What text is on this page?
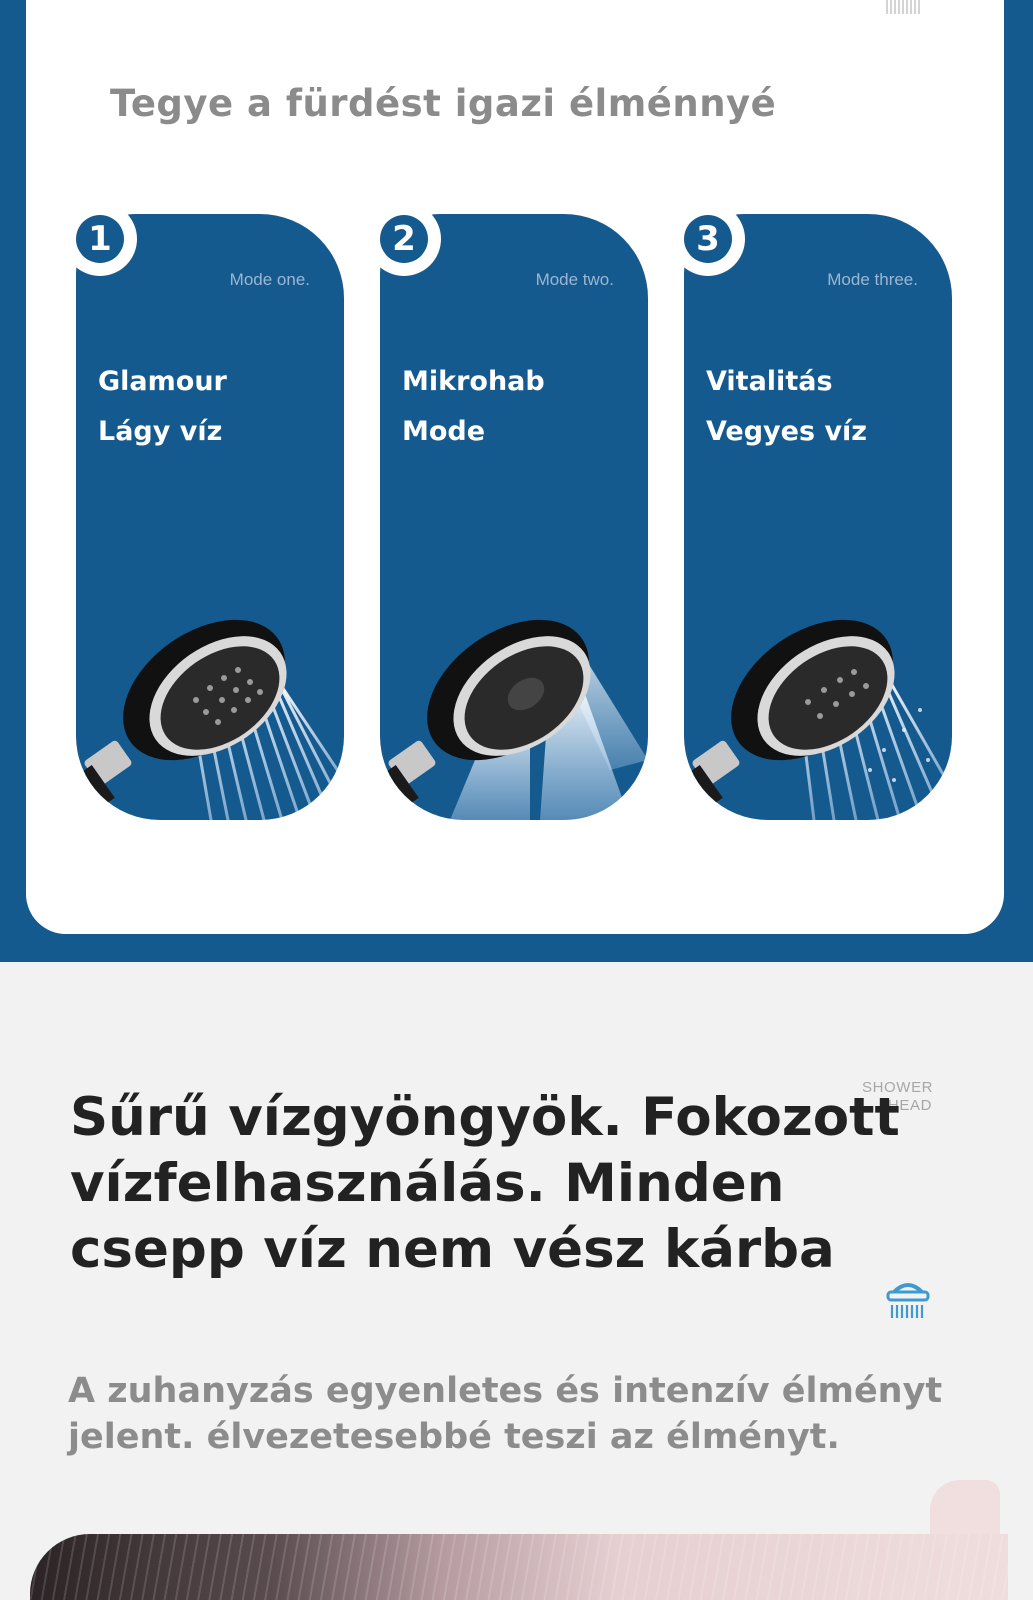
Tegye a fürdést igazi élménnyé
Mode one.
Glamour
Lágy víz
1
Mode two.
Mikrohab
Mode
2
Mode three.
Vitalitás
Vegyes víz
3
SHOWER
HEAD
Sűrű vízgyöngyök. Fokozott vízfelhasználás. Minden csepp víz nem vész kárba
A zuhanyzás egyenletes és intenzív élményt jelent. élvezetesebbé teszi az élményt.
